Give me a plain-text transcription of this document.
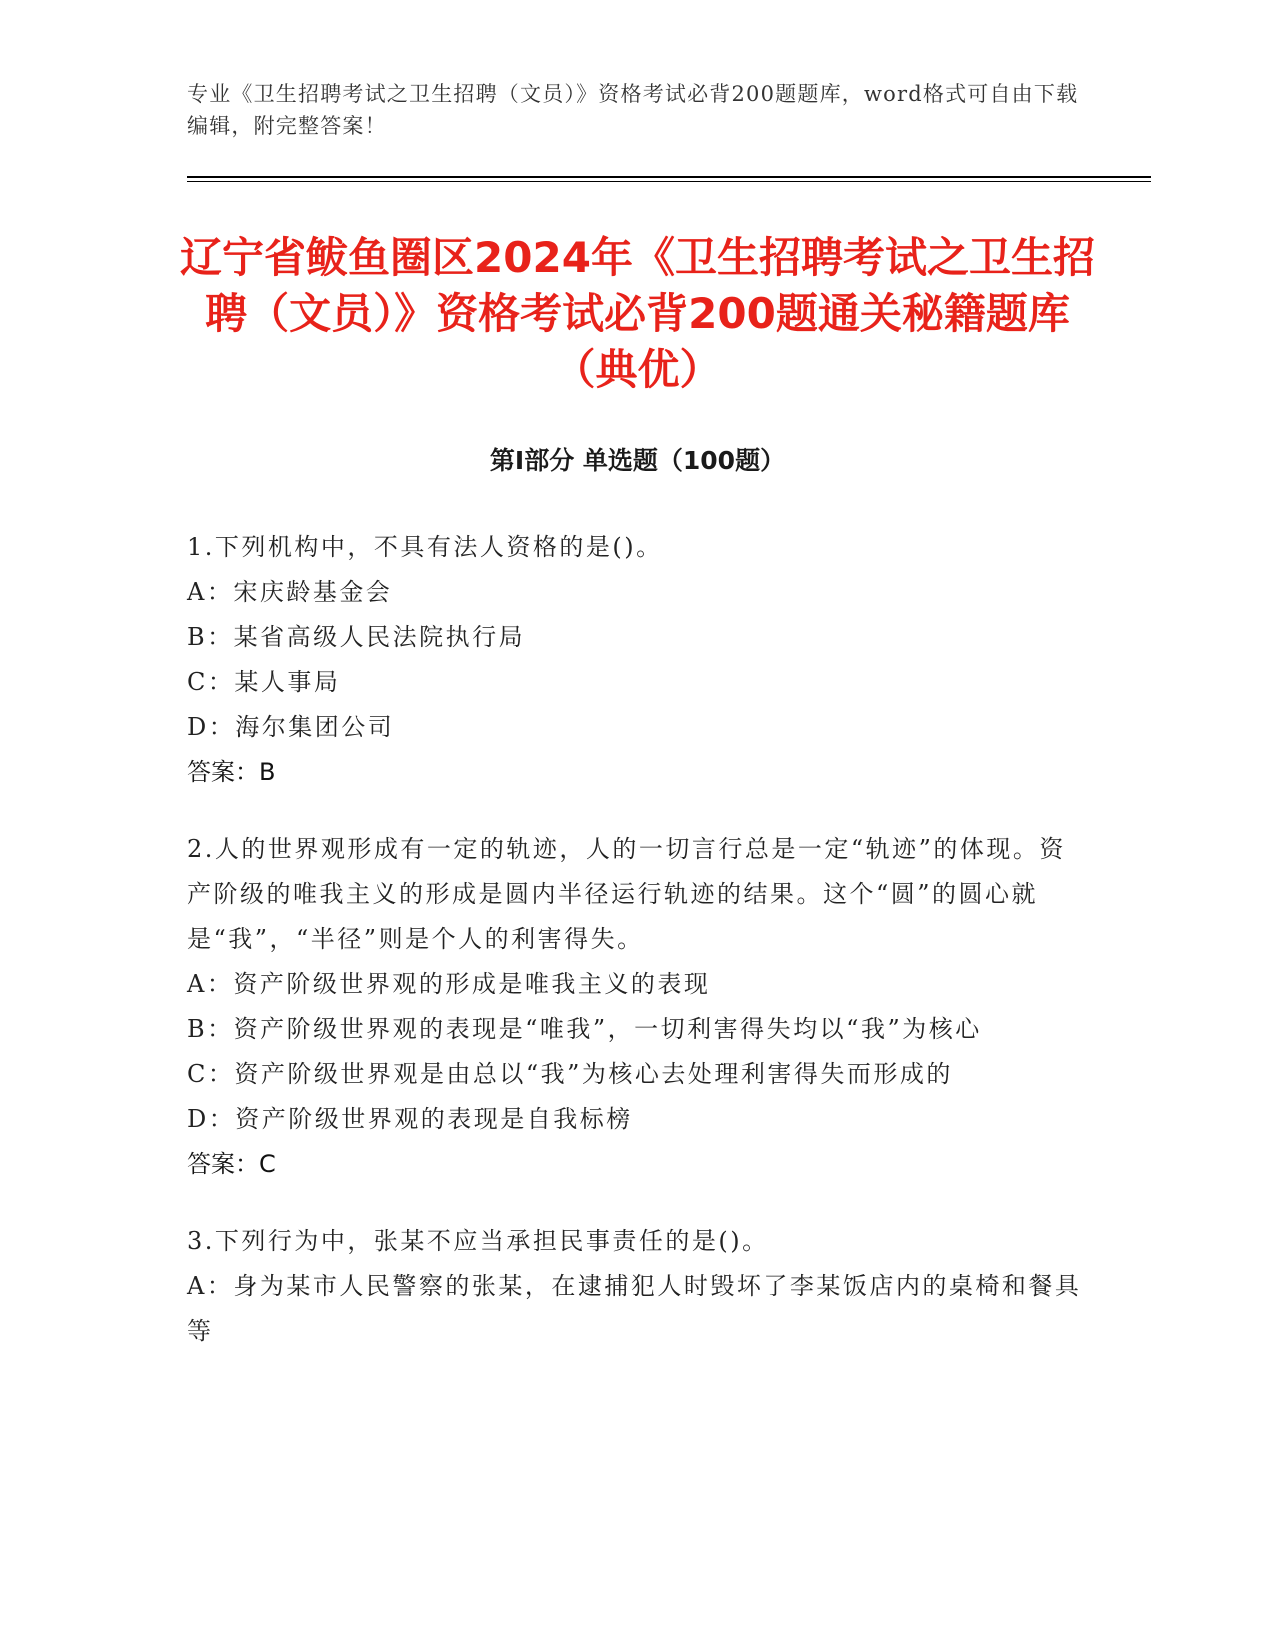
专业《卫生招聘考试之卫生招聘（文员）》资格考试必背200题题库，word格式可自由下载编辑，附完整答案！
辽宁省鲅鱼圈区2024年《卫生招聘考试之卫生招聘（文员）》资格考试必背200题通关秘籍题库（典优）
第Ⅰ部分 单选题（100题）
1.下列机构中，不具有法人资格的是()。
A：宋庆龄基金会
B：某省高级人民法院执行局
C：某人事局
D：海尔集团公司
答案：B
2.人的世界观形成有一定的轨迹，人的一切言行总是一定“轨迹”的体现。资产阶级的唯我主义的形成是圆内半径运行轨迹的结果。这个“圆”的圆心就是“我”，“半径”则是个人的利害得失。
A：资产阶级世界观的形成是唯我主义的表现
B：资产阶级世界观的表现是“唯我”，一切利害得失均以“我”为核心
C：资产阶级世界观是由总以“我”为核心去处理利害得失而形成的
D：资产阶级世界观的表现是自我标榜
答案：C
3.下列行为中，张某不应当承担民事责任的是()。
A：身为某市人民警察的张某，在逮捕犯人时毁坏了李某饭店内的桌椅和餐具等
